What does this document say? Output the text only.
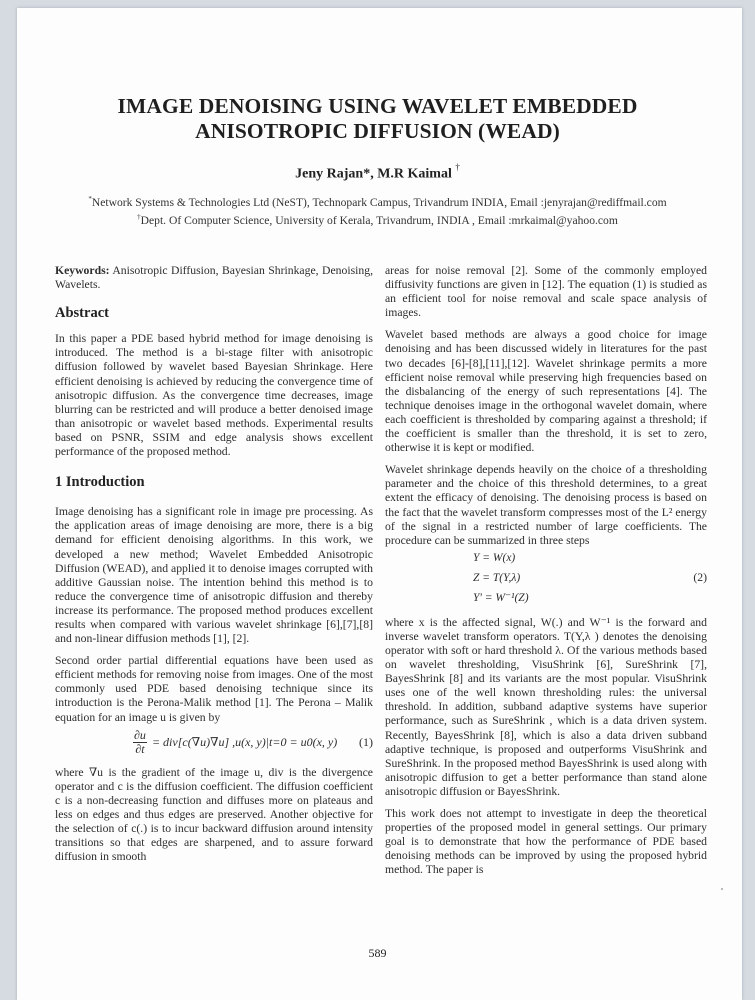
IMAGE DENOISING USING WAVELET EMBEDDED
ANISOTROPIC DIFFUSION (WEAD)
Jeny Rajan*, M.R Kaimal †
*Network Systems & Technologies Ltd (NeST), Technopark Campus, Trivandrum INDIA, Email :jenyrajan@rediffmail.com
†Dept. Of Computer Science, University of Kerala, Trivandrum, INDIA , Email :mrkaimal@yahoo.com

Keywords: Anisotropic Diffusion, Bayesian Shrinkage, Denoising, Wavelets.

Abstract

In this paper a PDE based hybrid method for image denoising is introduced. The method is a bi-stage filter with anisotropic diffusion followed by wavelet based Bayesian Shrinkage. Here efficient denoising is achieved by reducing the convergence time of anisotropic diffusion. As the convergence time decreases, image blurring can be restricted and will produce a better denoised image than anisotropic or wavelet based methods. Experimental results based on PSNR, SSIM and edge analysis shows excellent performance of the proposed method.

1 Introduction

Image denoising has a significant role in image pre processing. As the application areas of image denoising are more, there is a big demand for efficient denoising algorithms. In this work, we developed a new method; Wavelet Embedded Anisotropic Diffusion (WEAD), and applied it to denoise images corrupted with additive Gaussian noise. The intention behind this method is to reduce the convergence time of anisotropic diffusion and thereby increase its performance. The proposed method produces excellent results when compared with various wavelet shrinkage [6],[7],[8] and non-linear diffusion methods [1], [2].

Second order partial differential equations have been used as efficient methods for removing noise from images. One of the most commonly used PDE based denoising technique since its introduction is the Perona-Malik method [1]. The Perona – Malik equation for an image u is given by

$\frac{\partial u}{\partial t} = div[c(\nabla u)\nabla u]$ ,u(x, y)|t=0 = u0(x, y)	(1)

where ∇u is the gradient of the image u, div is the divergence operator and c is the diffusion coefficient. The diffusion coefficient c is a non-decreasing function and diffuses more on plateaus and less on edges and thus edges are preserved. Another objective for the selection of c(.) is to incur backward diffusion around intensity transitions so that edges are sharpened, and to assure forward diffusion in smooth

areas for noise removal [2]. Some of the commonly employed diffusivity functions are given in [12]. The equation (1) is studied as an efficient tool for noise removal and scale space analysis of images.

Wavelet based methods are always a good choice for image denoising and has been discussed widely in literatures for the past two decades [6]-[8],[11],[12]. Wavelet shrinkage permits a more efficient noise removal while preserving high frequencies based on the disbalancing of the energy of such representations [4]. The technique denoises image in the orthogonal wavelet domain, where each coefficient is thresholded by comparing against a threshold; if the coefficient is smaller than the threshold, it is set to zero, otherwise it is kept or modified.

Wavelet shrinkage depends heavily on the choice of a thresholding parameter and the choice of this threshold determines, to a great extent the efficacy of denoising. The denoising process is based on the fact that the wavelet transform compresses most of the L² energy of the signal in a restricted number of large coefficients. The procedure can be summarized in three steps

Y = W(x)
Z = T(Y,λ)
Y' = W⁻¹(Z)
(2)

where x is the affected signal, W(.) and W⁻¹ is the forward and inverse wavelet transform operators. T(Y,λ ) denotes the denoising operator with soft or hard threshold λ. Of the various methods based on wavelet thresholding, VisuShrink [6], SureShrink [7], BayesShrink [8] and its variants are the most popular. VisuShrink uses one of the well known thresholding rules: the universal threshold. In addition, subband adaptive systems have superior performance, such as SureShrink , which is a data driven system. Recently, BayesShrink [8], which is also a data driven subband adaptive technique, is proposed and outperforms VisuShrink and SureShrink. In the proposed method BayesShrink is used along with anisotropic diffusion to get a better performance than stand alone anisotropic diffusion or BayesShrink.

This work does not attempt to investigate in deep the theoretical properties of the proposed model in general settings. Our primary goal is to demonstrate that how the performance of PDE based denoising methods can be improved by using the proposed hybrid method. The paper is

589
